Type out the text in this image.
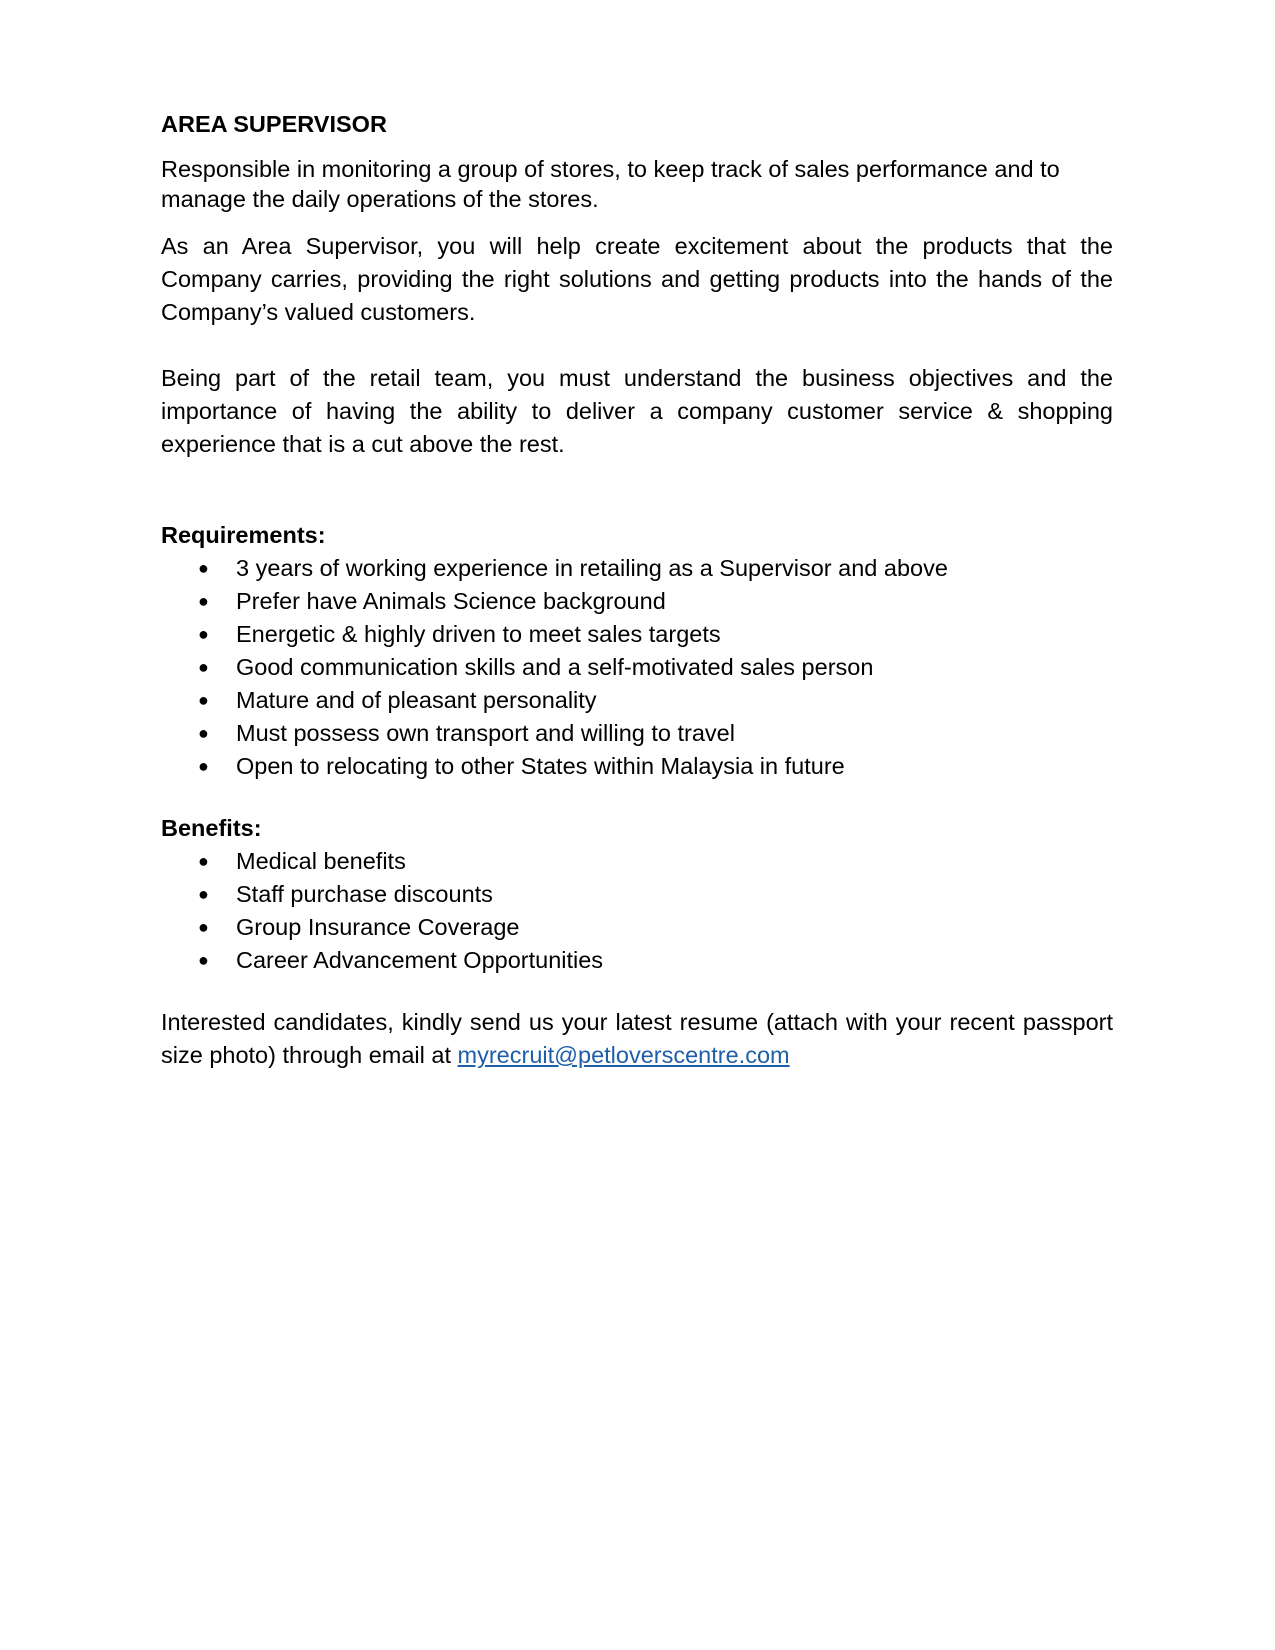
AREA SUPERVISOR

Responsible in monitoring a group of stores, to keep track of sales performance and to manage the daily operations of the stores.

As an Area Supervisor, you will help create excitement about the products that the Company carries, providing the right solutions and getting products into the hands of the Company’s valued customers.

Being part of the retail team, you must understand the business objectives and the importance of having the ability to deliver a company customer service & shopping experience that is a cut above the rest.

Requirements:

● 3 years of working experience in retailing as a Supervisor and above
● Prefer have Animals Science background
● Energetic & highly driven to meet sales targets
● Good communication skills and a self-motivated sales person
● Mature and of pleasant personality
● Must possess own transport and willing to travel
● Open to relocating to other States within Malaysia in future

Benefits:

● Medical benefits
● Staff purchase discounts
● Group Insurance Coverage
● Career Advancement Opportunities

Interested candidates, kindly send us your latest resume (attach with your recent passport size photo) through email at myrecruit@petloverscentre.com
